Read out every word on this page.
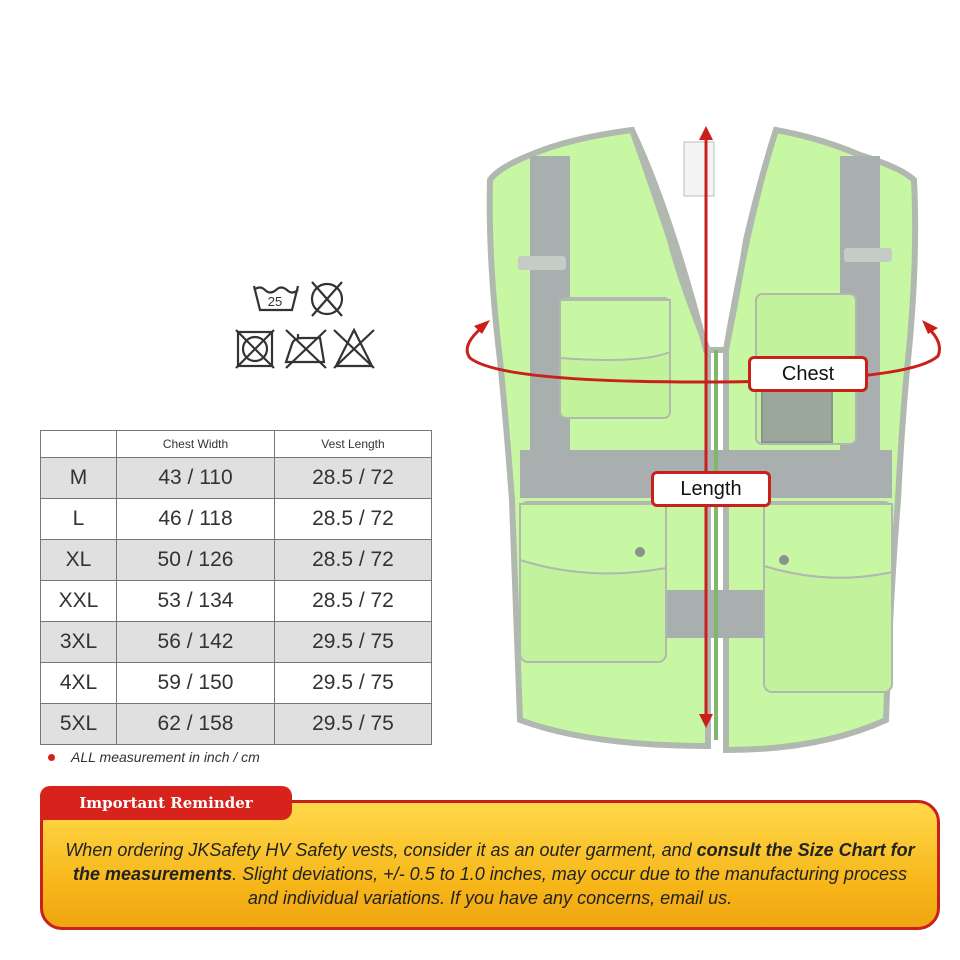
25
	Chest Width	Vest Length
M	43 / 110	28.5 / 72
L	46 / 118	28.5 / 72
XL	50 / 126	28.5 / 72
XXL	53 / 134	28.5 / 72
3XL	56 / 142	29.5 / 75
4XL	59 / 150	29.5 / 75
5XL	62 / 158	29.5 / 75
ALL measurement in inch / cm
Chest
Length
Important Reminder
When ordering JKSafety HV Safety vests, consider it as an outer garment, and consult the Size Chart for the measurements. Slight deviations, +/- 0.5 to 1.0 inches, may occur due to the manufacturing process and individual variations. If you have any concerns, email us.
